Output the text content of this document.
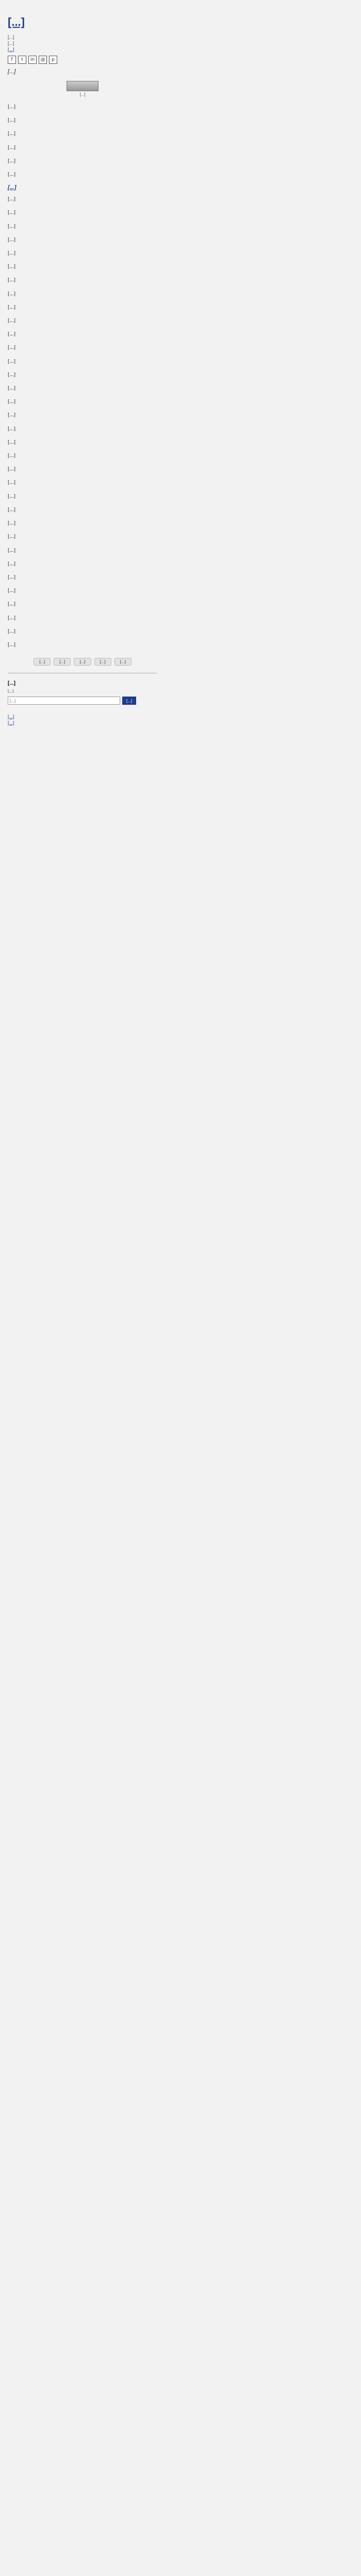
[...]
[...]
[...]
[...]
f	t	in	@	p

[...]

[...]

[...]

[...]

[...]

[...]

[...]

[...]

[...]

[...]

[...]

[...]

[...]

[...]

[...]

[...]

[...]

[...]

[...]

[...]

[...]

[...]

[...]

[...]

[...]

[...]

[...]

[...]

[...]

[...]

[...]

[...]

[...]

[...]

[...]

[...]

[...]

[...]

[...]

[...]

[...]

[...]

[...]

[...]	[...]	[...]	[...]	[...]
[...]
[...]
[...]
[...]
[...]
[...]
